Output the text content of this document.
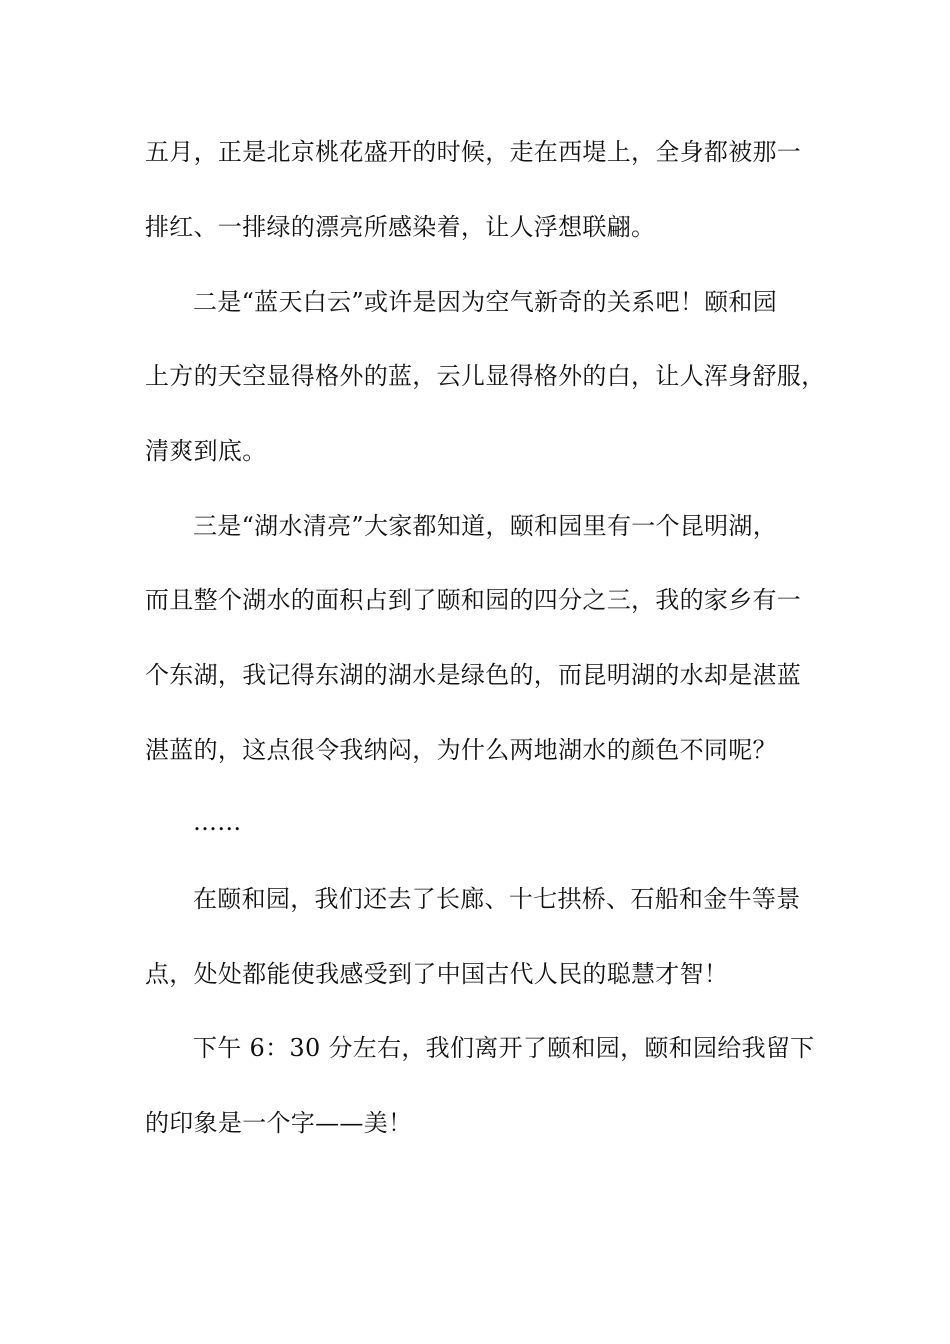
五月，正是北京桃花盛开的时候，走在西堤上，全身都被那一
排红、一排绿的漂亮所感染着，让人浮想联翩。
二是“蓝天白云”或许是因为空气新奇的关系吧！颐和园
上方的天空显得格外的蓝，云儿显得格外的白，让人浑身舒服，
清爽到底。
三是“湖水清亮”大家都知道，颐和园里有一个昆明湖，
而且整个湖水的面积占到了颐和园的四分之三，我的家乡有一
个东湖，我记得东湖的湖水是绿色的，而昆明湖的水却是湛蓝
湛蓝的，这点很令我纳闷，为什么两地湖水的颜色不同呢？
……
在颐和园，我们还去了长廊、十七拱桥、石船和金牛等景
点，处处都能使我感受到了中国古代人民的聪慧才智！
下午 6：30 分左右，我们离开了颐和园，颐和园给我留下
的印象是一个字——美！
